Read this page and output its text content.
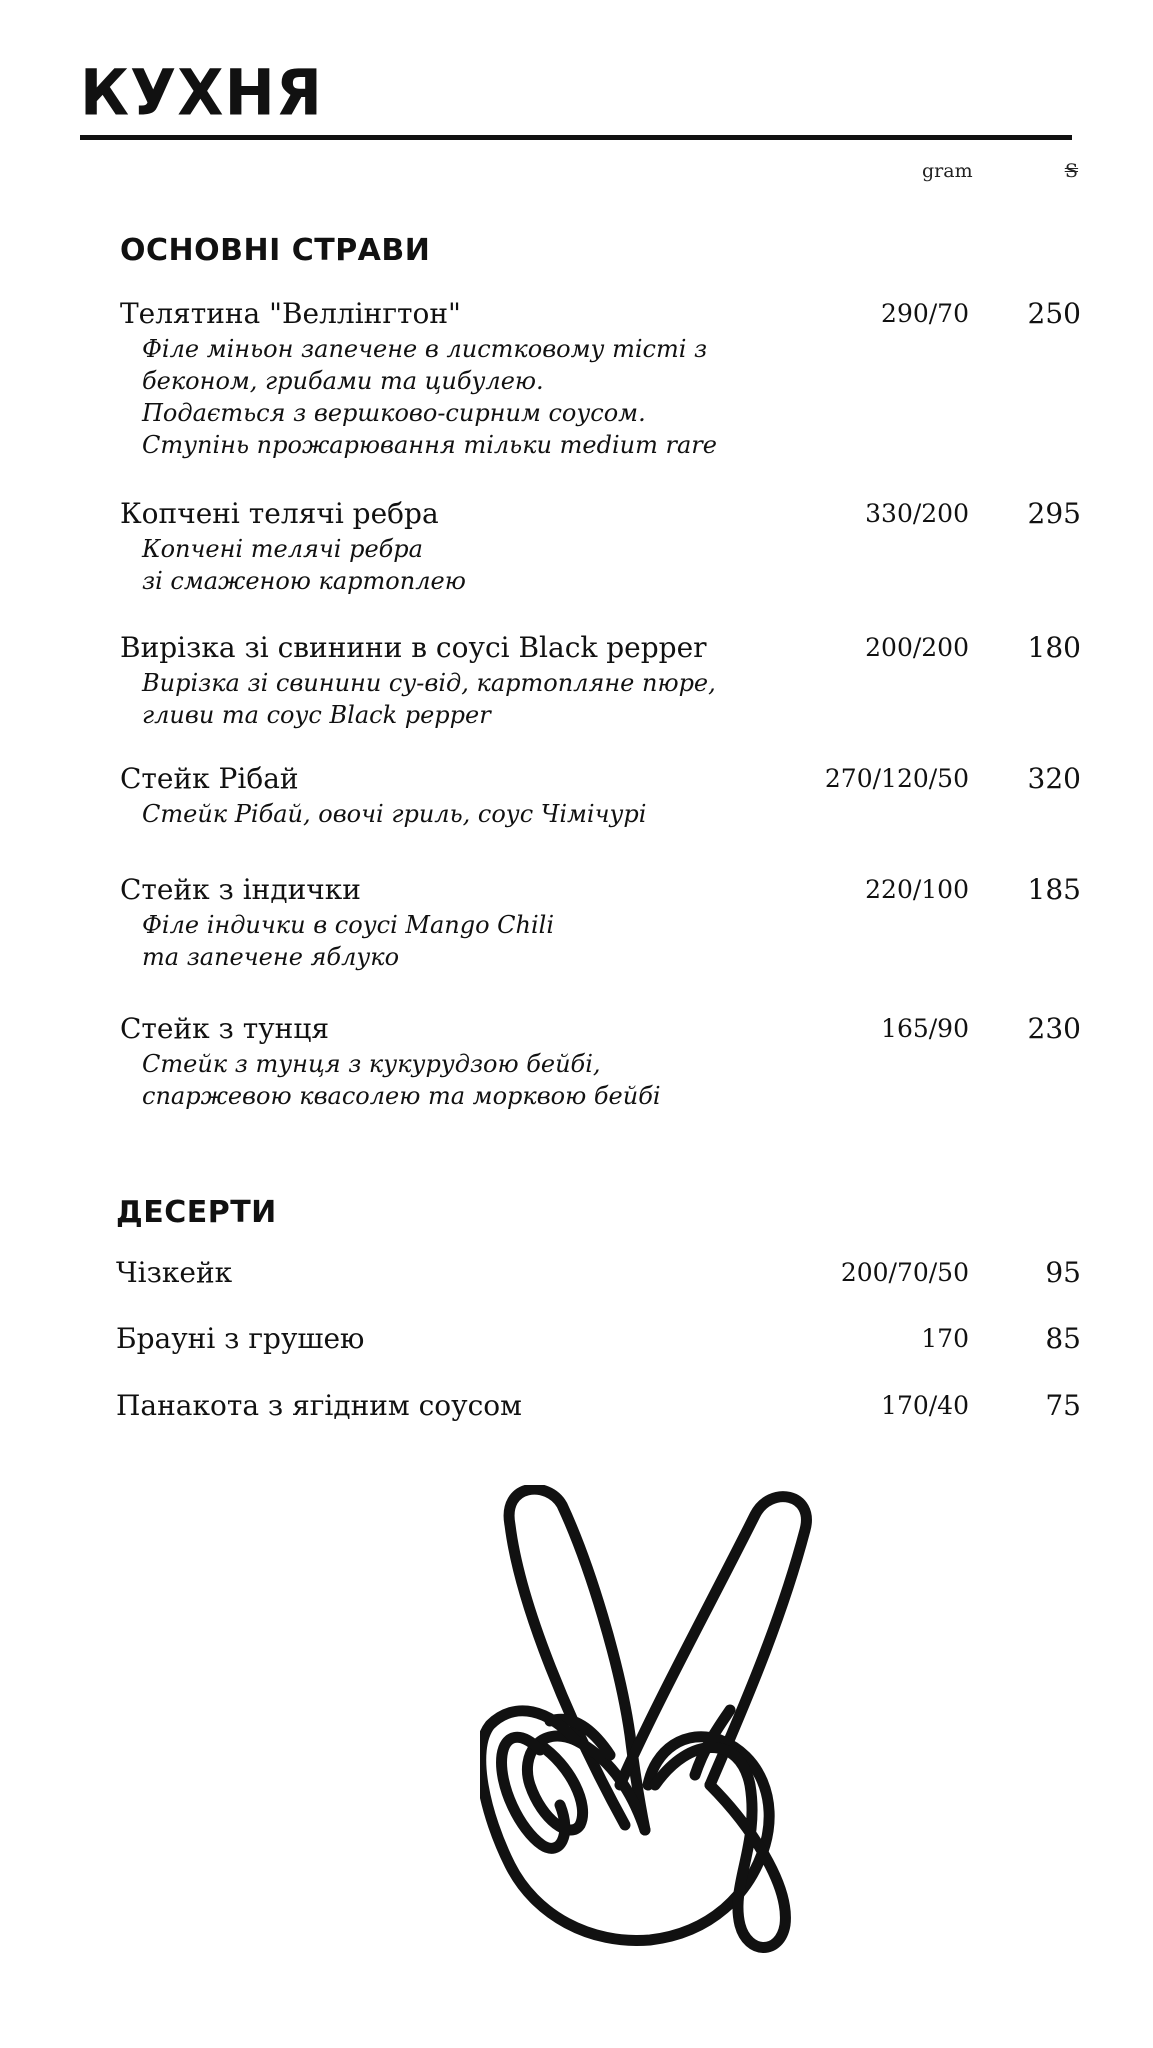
КУХНЯ
gram	₴
ОСНОВНІ СТРАВИ
Телятина "Веллінгтон"	290/70 250
Філе міньон запечене в листковому тісті з
беконом, грибами та цибулею.
Подається з вершково-сирним соусом.
Ступінь прожарювання тільки medium rare
Копчені телячі ребра	330/200 295
Копчені телячі ребра
зі смаженою картоплею
Вирізка зі свинини в соусі Black pepper	200/200 180
Вирізка зі свинини су-від, картопляне пюре,
гливи та соус Black pepper
Стейк Рібай	270/120/50 320
Стейк Рібай, овочі гриль, соус Чімічурі
Стейк з індички	220/100 185
Філе індички в соусі Mango Chili
та запечене яблуко
Стейк з тунця	165/90 230
Стейк з тунця з кукурудзою бейбі,
спаржевою квасолею та морквою бейбі
ДЕСЕРТИ
Чізкейк	200/70/50	95
Брауні з грушею	170	85
Панакота з ягідним соусом	170/40	75
